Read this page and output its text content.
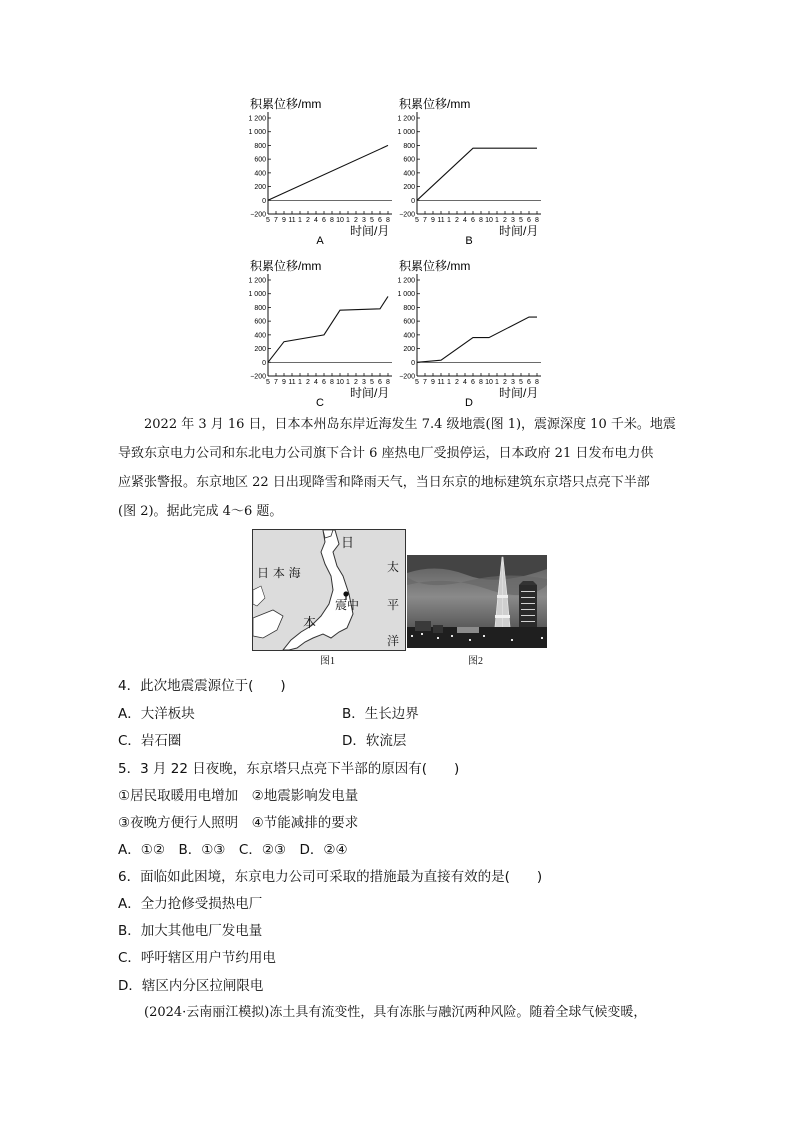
积累位移/mm
1 200
1 000
800
600
400
200
0
−200
5 7 9 11 1 2 4 6 8 10 1 2 3 5 6 8
时间/月
A
积累位移/mm
1 200
1 000
800
600
400
200
0
−200
5 7 9 11 1 2 4 6 8 10 1 2 3 5 6 8
时间/月
B
积累位移/mm
1 200
1 000
800
600
400
200
0
−200
5 7 9 11 1 2 4 6 8 10 1 2 3 5 6 8
时间/月
C
积累位移/mm
1 200
1 000
800
600
400
200
0
−200
5 7 9 11 1 2 4 6 8 10 1 2 3 5 6 8
时间/月
D
2022 年 3 月 16 日，日本本州岛东岸近海发生 7.4 级地震(图 1)，震源深度 10 千米。地震
导致东京电力公司和东北电力公司旗下合计 6 座热电厂受损停运，日本政府 21 日发布电力供
应紧张警报。东京地区 22 日出现降雪和降雨天气，当日东京的地标建筑东京塔只点亮下半部
(图 2)。据此完成 4～6 题。
日
日 本 海
本
太
平
洋
震中
图1	图2
4．此次地震震源位于(　　)
A．大洋板块	B．生长边界
C．岩石圈	D．软流层
5．3 月 22 日夜晚，东京塔只点亮下半部的原因有(　　)
①居民取暖用电增加　②地震影响发电量
③夜晚方便行人照明　④节能减排的要求
A．①②　B．①③　C．②③　D．②④
6．面临如此困境，东京电力公司可采取的措施最为直接有效的是(　　)
A．全力抢修受损热电厂
B．加大其他电厂发电量
C．呼吁辖区用户节约用电
D．辖区内分区拉闸限电
(2024·云南丽江模拟)冻土具有流变性，具有冻胀与融沉两种风险。随着全球气候变暖，
